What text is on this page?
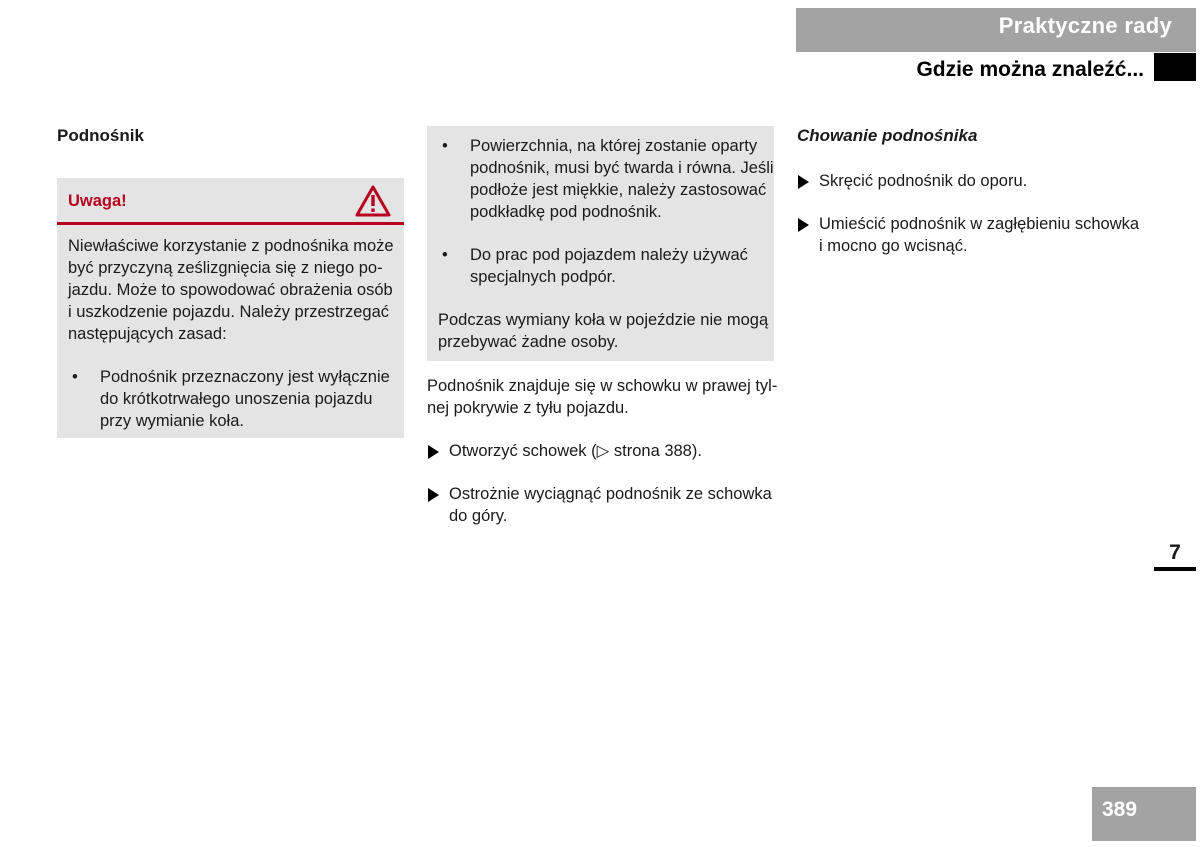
Praktyczne rady
Gdzie można znaleźć...
Podnośnik
Uwaga!

Niewłaściwe korzystanie z podnośnika może

być przyczyną ześlizgnięcia się z niego po-

jazdu. Może to spowodować obrażenia osób

i uszkodzenie pojazdu. Należy przestrzegać

następujących zasad:

•	Podnośnik przeznaczony jest wyłącznie

do krótkotrwałego unoszenia pojazdu

przy wymianie koła.

•	Powierzchnia, na której zostanie oparty

podnośnik, musi być twarda i równa. Jeśli

podłoże jest miękkie, należy zastosować

podkładkę pod podnośnik.

•	Do prac pod pojazdem należy używać

specjalnych podpór.

Podczas wymiany koła w pojeździe nie mogą

przebywać żadne osoby.

Podnośnik znajduje się w schowku w prawej tyl-

nej pokrywie z tyłu pojazdu.

Otworzyć schowek (▷ strona 388).

Ostrożnie wyciągnąć podnośnik ze schowka

do góry.

Chowanie podnośnika

Skręcić podnośnik do oporu.

Umieścić podnośnik w zagłębieniu schowka

i mocno go wcisnąć.

7
389
